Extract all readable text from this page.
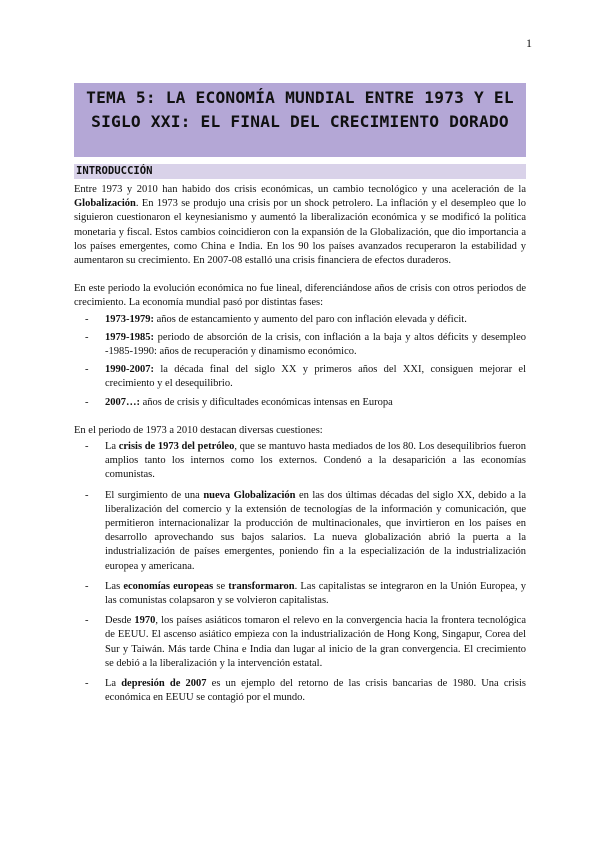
1
TEMA 5: LA ECONOMÍA MUNDIAL ENTRE 1973 Y EL SIGLO XXI: EL FINAL DEL CRECIMIENTO DORADO
INTRODUCCIÓN

Entre 1973 y 2010 han habido dos crisis económicas, un cambio tecnológico y una aceleración de la Globalización. En 1973 se produjo una crisis por un shock petrolero. La inflación y el desempleo que lo siguieron cuestionaron el keynesianismo y aumentó la liberalización económica y se modificó la política monetaria y fiscal. Estos cambios coincidieron con la expansión de la Globalización, que dio importancia a los países emergentes, como China e India. En los 90 los países avanzados recuperaron la estabilidad y aumentaron su crecimiento. En 2007-08 estalló una crisis financiera de efectos duraderos.

En este periodo la evolución económica no fue lineal, diferenciándose años de crisis con otros periodos de crecimiento. La economía mundial pasó por distintas fases:

- 1973-1979: años de estancamiento y aumento del paro con inflación elevada y déficit.
- 1979-1985: periodo de absorción de la crisis, con inflación a la baja y altos déficits y desempleo -1985-1990: años de recuperación y dinamismo económico.
- 1990-2007: la década final del siglo XX y primeros años del XXI, consiguen mejorar el crecimiento y el desequilibrio.
- 2007…: años de crisis y dificultades económicas intensas en Europa

En el periodo de 1973 a 2010 destacan diversas cuestiones:

- La crisis de 1973 del petróleo, que se mantuvo hasta mediados de los 80. Los desequilibrios fueron amplios tanto los internos como los externos. Condenó a la desaparición a las economías comunistas.
- El surgimiento de una nueva Globalización en las dos últimas décadas del siglo XX, debido a la liberalización del comercio y la extensión de tecnologías de la información y comunicación, que permitieron internacionalizar la producción de multinacionales, que invirtieron en los países en desarrollo aprovechando sus bajos salarios. La nueva globalización abrió la puerta a la industrialización de países emergentes, poniendo fin a la especialización de la industrialización europea y americana.
- Las economías europeas se transformaron. Las capitalistas se integraron en la Unión Europea, y las comunistas colapsaron y se volvieron capitalistas.
- Desde 1970, los países asiáticos tomaron el relevo en la convergencia hacia la frontera tecnológica de EEUU. El ascenso asiático empieza con la industrialización de Hong Kong, Singapur, Corea del Sur y Taiwán. Más tarde China e India dan lugar al inicio de la gran convergencia. El crecimiento se debió a la liberalización y la intervención estatal.
- La depresión de 2007 es un ejemplo del retorno de las crisis bancarias de 1980. Una crisis económica en EEUU se contagió por el mundo.
